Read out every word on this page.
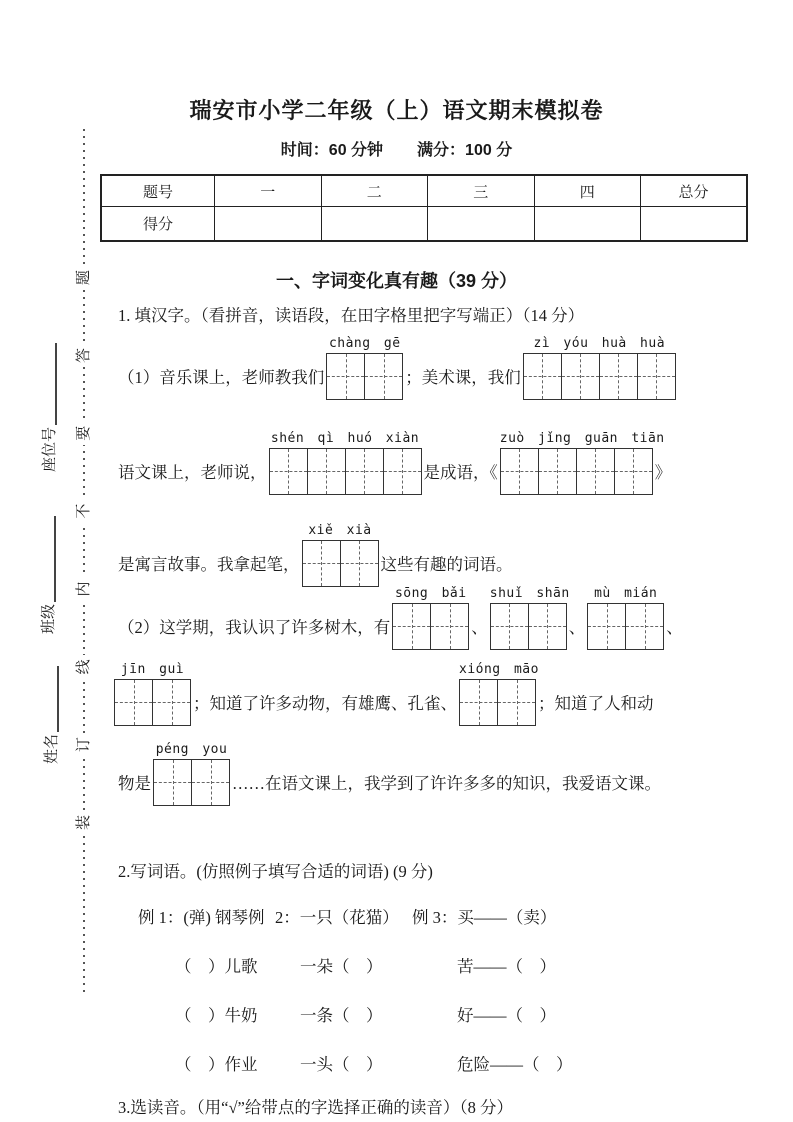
装
订
线
内
不
要
答
题
座位号
班级
姓名
瑞安市小学二年级（上）语文期末模拟卷
时间：60 分钟 满分：100 分
题号	一	二	三	四	总分
得分					
一、字词变化真有趣（39 分）
1. 填汉字。（看拼音，读语段，在田字格里把字写端正）（14 分）
（1）音乐课上，老师教我们
chàng gē
；美术课，我们
zì yóu huà huà
语文课上，老师说，
shén qì huó xiàn
是成语，《
zuò jǐng guān tiān
》
是寓言故事。我拿起笔，
xiě xià
这些有趣的词语。
（2）这学期，我认识了许多树木，有
sōng bǎi
、
shuǐ shān
、
mù mián
、
jīn guì
；知道了许多动物，有雄鹰、孔雀、
xióng māo
；知道了人和动
物是
péng you
……在语文课上，我学到了许许多多的知识，我爱语文课。
2.写词语。(仿照例子填写合适的词语) (9 分)
例 1：(弹) 钢琴例 2：一只（花猫） 例 3：买——（卖）
（　）儿歌	一朵（　）	苦——（　）
（　）牛奶	一条（　）	好——（　）
（　）作业	一头（　）	危险——（　）
3.选读音。（用“√”给带点的字选择正确的读音）（8 分）
